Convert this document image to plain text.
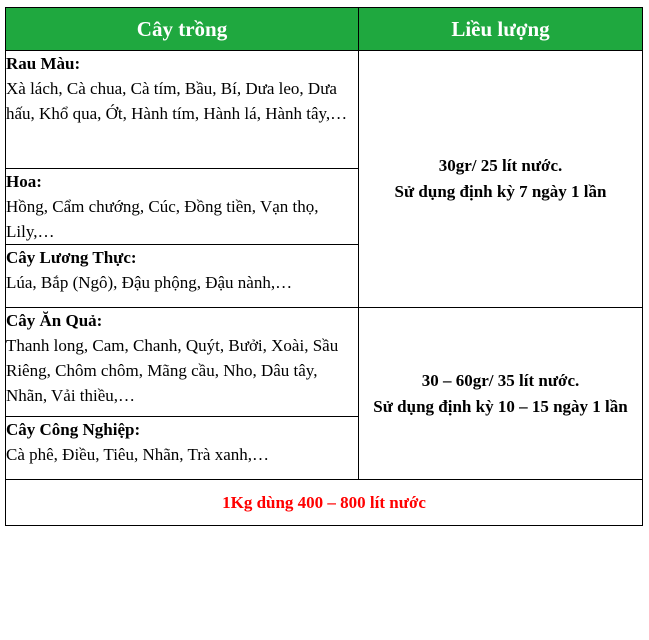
Cây trồng	Liều lượng

Rau Màu:
Xà lách, Cà chua, Cà tím, Bầu, Bí, Dưa leo, Dưa hấu, Khổ qua, Ớt, Hành tím, Hành lá, Hành tây,…	30gr/ 25 lít nước.
Sử dụng định kỳ 7 ngày 1 lần

Hoa:
Hồng, Cẩm chướng, Cúc, Đồng tiền, Vạn thọ, Lily,…	

Cây Lương Thực:
Lúa, Bắp (Ngô), Đậu phộng, Đậu nành,…	

Cây Ăn Quả:
Thanh long, Cam, Chanh, Quýt, Bưởi, Xoài, Sầu Riêng, Chôm chôm, Mãng cầu, Nho, Dâu tây, Nhãn, Vải thiều,…	30 – 60gr/ 35 lít nước.
Sử dụng định kỳ 10 – 15 ngày 1 lần

Cây Công Nghiệp:
Cà phê, Điều, Tiêu, Nhãn, Trà xanh,…	

1Kg dùng 400 – 800 lít nước	
